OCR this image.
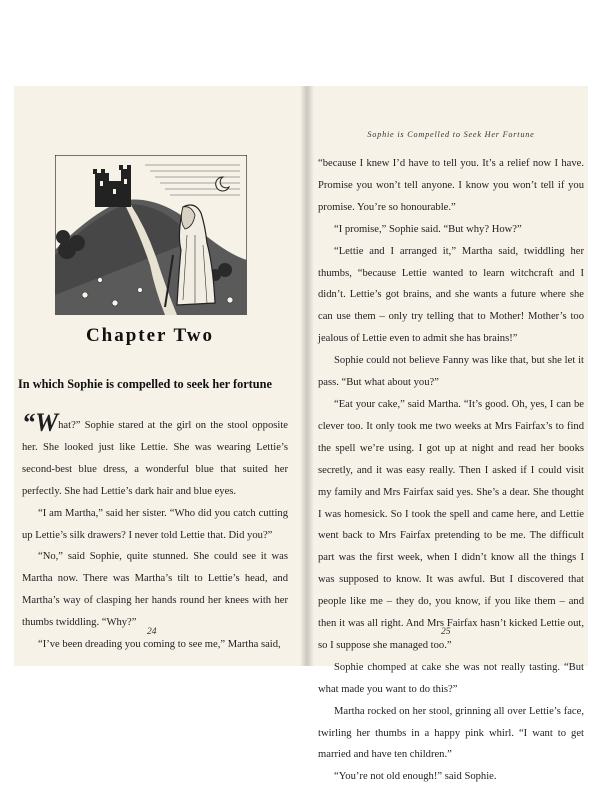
Chapter Two
In which Sophie is compelled to seek her fortune

“What?” Sophie stared at the girl on the stool opposite her. She looked just like Lettie. She was wearing Lettie’s second-best blue dress, a wonderful blue that suited her perfectly. She had Lettie’s dark hair and blue eyes.

“I am Martha,” said her sister. “Who did you catch cutting up Lettie’s silk drawers? I never told Lettie that. Did you?”

“No,” said Sophie, quite stunned. She could see it was Martha now. There was Martha’s tilt to Lettie’s head, and Martha’s way of clasping her hands round her knees with her thumbs twiddling. “Why?”

“I’ve been dreading you coming to see me,” Martha said,

24
Sophie is Compelled to Seek Her Fortune

“because I knew I’d have to tell you. It’s a relief now I have. Promise you won’t tell anyone. I know you won’t tell if you promise. You’re so honourable.”

“I promise,” Sophie said. “But why? How?”

“Lettie and I arranged it,” Martha said, twiddling her thumbs, “because Lettie wanted to learn witchcraft and I didn’t. Lettie’s got brains, and she wants a future where she can use them – only try telling that to Mother! Mother’s too jealous of Lettie even to admit she has brains!”

Sophie could not believe Fanny was like that, but she let it pass. “But what about you?”

“Eat your cake,” said Martha. “It’s good. Oh, yes, I can be clever too. It only took me two weeks at Mrs Fairfax’s to find the spell we’re using. I got up at night and read her books secretly, and it was easy really. Then I asked if I could visit my family and Mrs Fairfax said yes. She’s a dear. She thought I was homesick. So I took the spell and came here, and Lettie went back to Mrs Fairfax pretending to be me. The difficult part was the first week, when I didn’t know all the things I was supposed to know. It was awful. But I discovered that people like me – they do, you know, if you like them – and then it was all right. And Mrs Fairfax hasn’t kicked Lettie out, so I suppose she managed too.”

Sophie chomped at cake she was not really tasting. “But what made you want to do this?”

Martha rocked on her stool, grinning all over Lettie’s face, twirling her thumbs in a happy pink whirl. “I want to get married and have ten children.”

“You’re not old enough!” said Sophie.

25
